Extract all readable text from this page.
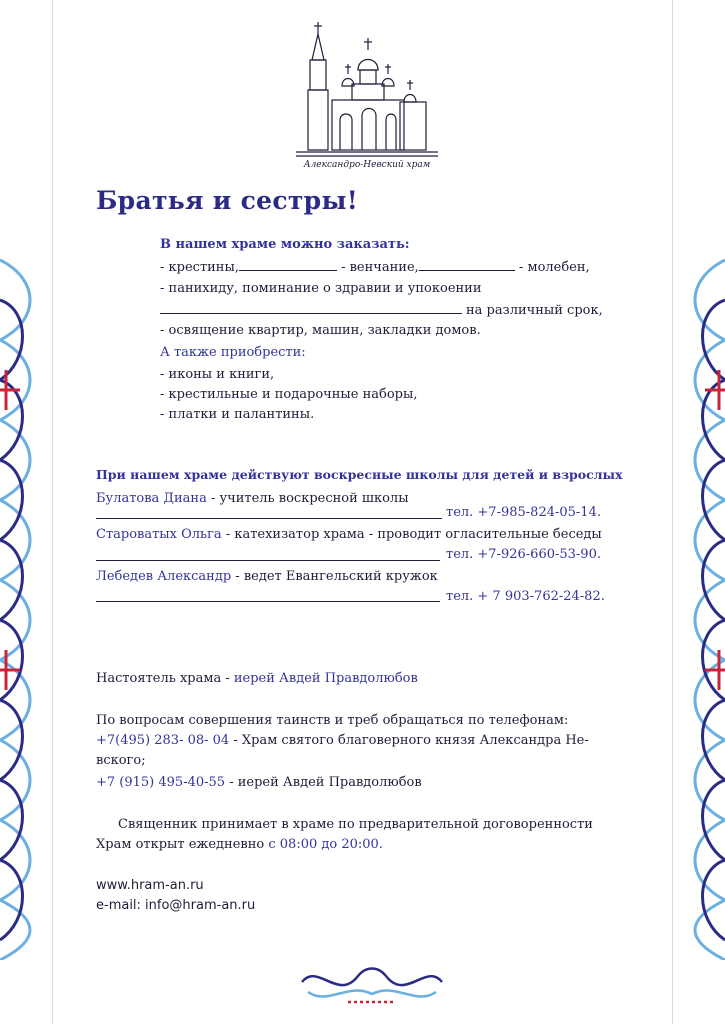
Александро-Невский храм
Братья и сестры!
В нашем храме можно заказать:
- крестины,	- венчание,	- молебен,
- панихиду, поминание о здравии и упокоении
на различный срок,
- освящение квартир, машин, закладки домов.
А также приобрести:
- иконы и книги,
- крестильные и подарочные наборы,
- платки и палантины.
При нашем храме действуют воскресные школы для детей и взрослых
Булатова Диана - учитель воскресной школы
тел. +7-985-824-05-14.
Староватых Ольга - катехизатор храма - проводит огласительные беседы
тел. +7-926-660-53-90.
Лебедев Александр - ведет Евангельский кружок
тел. + 7 903-762-24-82.
Настоятель храма - иерей Авдей Правдолюбов
По вопросам совершения таинств и треб обращаться по телефонам:
+7(495) 283- 08- 04 - Храм святого благоверного князя Александра Не-
вского;
+7 (915) 495-40-55 - иерей Авдей Правдолюбов
Священник принимает в храме по предварительной договоренности
Храм открыт ежедневно с 08:00 до 20:00.
www.hram-an.ru
e-mail: info@hram-an.ru
